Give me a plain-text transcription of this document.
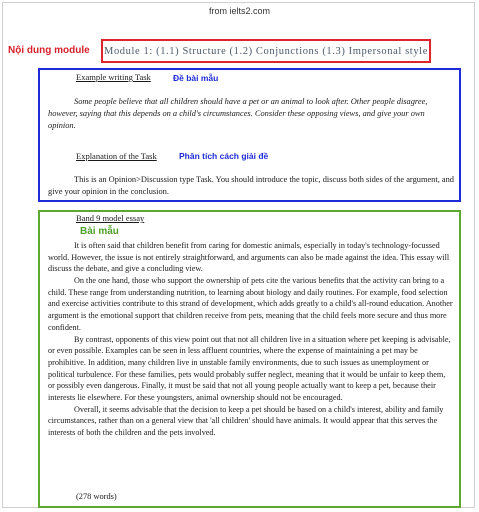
from ielts2.com
Nội dung module Module 1: (1.1) Structure (1.2) Conjunctions (1.3) Impersonal style
Example writing Task	Đề bài mẫu

Some people believe that all children should have a pet or an animal to look after. Other people disagree, however, saying that this depends on a child's circumstances. Consider these opposing views, and give your own opinion.

Explanation of the Task	Phân tích cách giải đề

This is an Opinion>Discussion type Task. You should introduce the topic, discuss both sides of the argument, and give your opinion in the conclusion.

Band 9 model essay
Bài mẫu

It is often said that children benefit from caring for domestic animals, especially in today's technology-focussed world. However, the issue is not entirely straightforward, and arguments can also be made against the idea. This essay will discuss the debate, and give a concluding view.

On the one hand, those who support the ownership of pets cite the various benefits that the activity can bring to a child. These range from understanding nutrition, to learning about biology and daily routines. For example, food selection and exercise activities contribute to this strand of development, which adds greatly to a child's all-round education. Another argument is the emotional support that children receive from pets, meaning that the child feels more secure and thus more confident.

By contrast, opponents of this view point out that not all children live in a situation where pet keeping is advisable, or even possible. Examples can be seen in less affluent countries, where the expense of maintaining a pet may be prohibitive. In addition, many children live in unstable family environments, due to such issues as unemployment or political turbulence. For these families, pets would probably suffer neglect, meaning that it would be unfair to keep them, or possibly even dangerous. Finally, it must be said that not all young people actually want to keep a pet, because their interests lie elsewhere. For these youngsters, animal ownership should not be encouraged.

Overall, it seems advisable that the decision to keep a pet should be based on a child's interest, ability and family circumstances, rather than on a general view that 'all children' should have animals. It would appear that this serves the interests of both the children and the pets involved.

(278 words)
